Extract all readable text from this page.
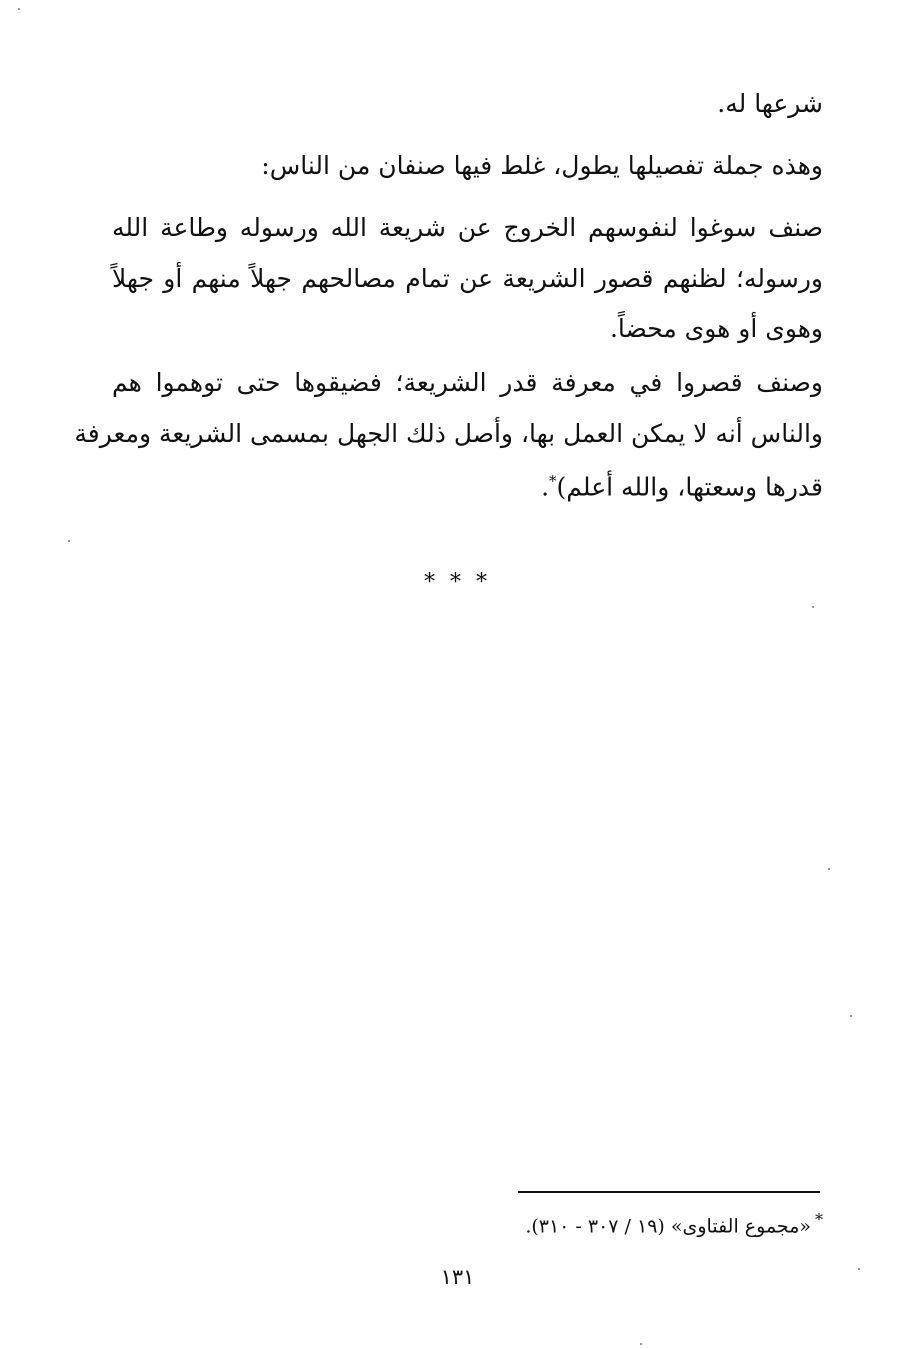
شرعها له.
وهذه جملة تفصيلها يطول، غلط فيها صنفان من الناس:
صنف سوغوا لنفوسهم الخروج عن شريعة الله ورسوله وطاعة الله
ورسوله؛ لظنهم قصور الشريعة عن تمام مصالحهم جهلاً منهم أو جهلاً
وهوى أو هوى محضاً.
وصنف قصروا في معرفة قدر الشريعة؛ فضيقوها حتى توهموا هم
والناس أنه لا يمكن العمل بها، وأصل ذلك الجهل بمسمى الشريعة ومعرفة
قدرها وسعتها، والله أعلم)*.
* * *
*«مجموع الفتاوى» (١٩ / ٣٠٧ - ٣١٠).
١٣١
